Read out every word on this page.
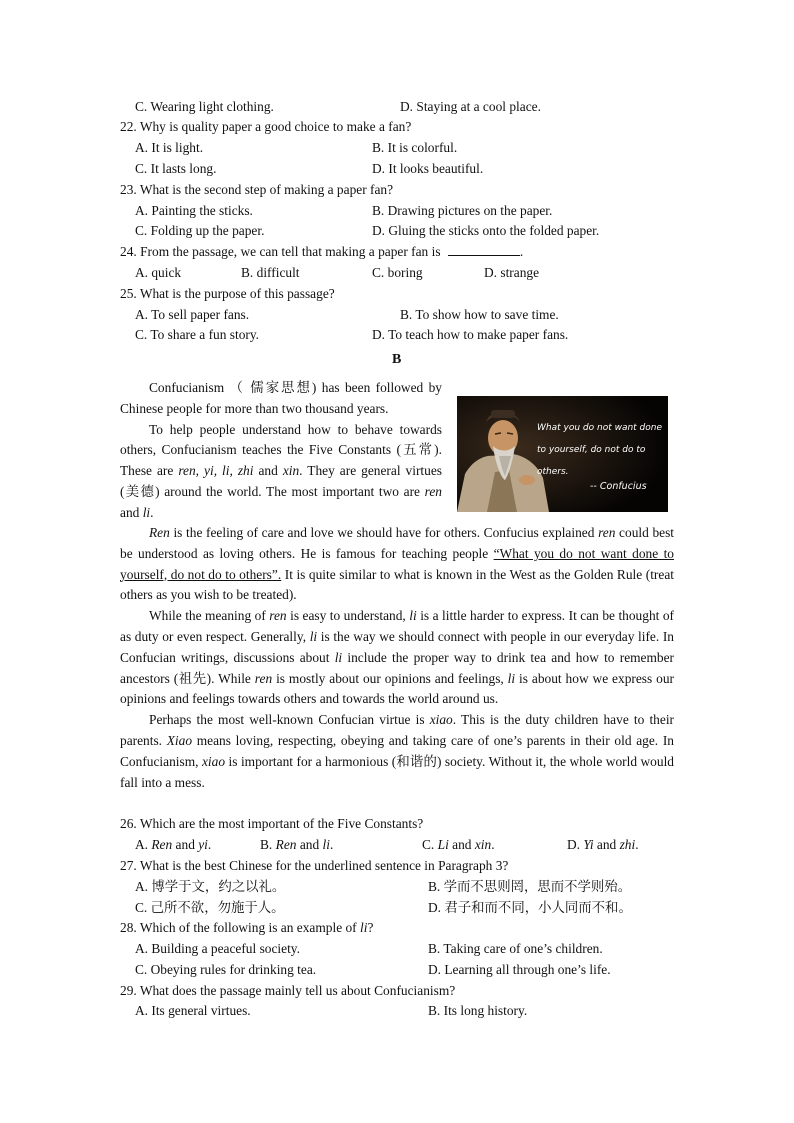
C. Wearing light clothing.	D. Staying at a cool place.
22. Why is quality paper a good choice to make a fan?
A. It is light.	B. It is colorful.
C. It lasts long.	D. It looks beautiful.
23. What is the second step of making a paper fan?
A. Painting the sticks.	B. Drawing pictures on the paper.
C. Folding up the paper.	D. Gluing the sticks onto the folded paper.
24. From the passage, we can tell that making a paper fan is	.
A. quick	B. difficult	C. boring	D. strange
25. What is the purpose of this passage?
A. To sell paper fans.	B. To show how to save time.
C. To share a fun story.	D. To teach how to make paper fans.
B
What you do not want done to yourself, do not do to others.
-- Confucius

Confucianism （ 儒家思想) has been followed by Chinese people for more than two thousand years.

To help people understand how to behave towards others, Confucianism teaches the Five Constants (五常). These are ren, yi, li, zhi and xin. They are general virtues (美德) around the world. The most important two are ren and li.

Ren is the feeling of care and love we should have for others. Confucius explained ren could best be understood as loving others. He is famous for teaching people “What you do not want done to yourself, do not do to others”. It is quite similar to what is known in the West as the Golden Rule (treat others as you wish to be treated).

While the meaning of ren is easy to understand, li is a little harder to express. It can be thought of as duty or even respect. Generally, li is the way we should connect with people in our everyday life. In Confucian writings, discussions about li include the proper way to drink tea and how to remember ancestors (祖先). While ren is mostly about our opinions and feelings, li is about how we express our opinions and feelings towards others and towards the world around us.

Perhaps the most well-known Confucian virtue is xiao. This is the duty children have to their parents. Xiao means loving, respecting, obeying and taking care of one’s parents in their old age. In Confucianism, xiao is important for a harmonious (和谐的) society. Without it, the whole world would fall into a mess.

26. Which are the most important of the Five Constants?
A. Ren and yi.	B. Ren and li.	C. Li and xin.	D. Yi and zhi.
27. What is the best Chinese for the underlined sentence in Paragraph 3?
A. 博学于文，约之以礼。	B. 学而不思则罔，思而不学则殆。
C. 己所不欲，勿施于人。	D. 君子和而不同，小人同而不和。
28. Which of the following is an example of li?
A. Building a peaceful society.	B. Taking care of one’s children.
C. Obeying rules for drinking tea.	D. Learning all through one’s life.
29. What does the passage mainly tell us about Confucianism?
A. Its general virtues.	B. Its long history.
